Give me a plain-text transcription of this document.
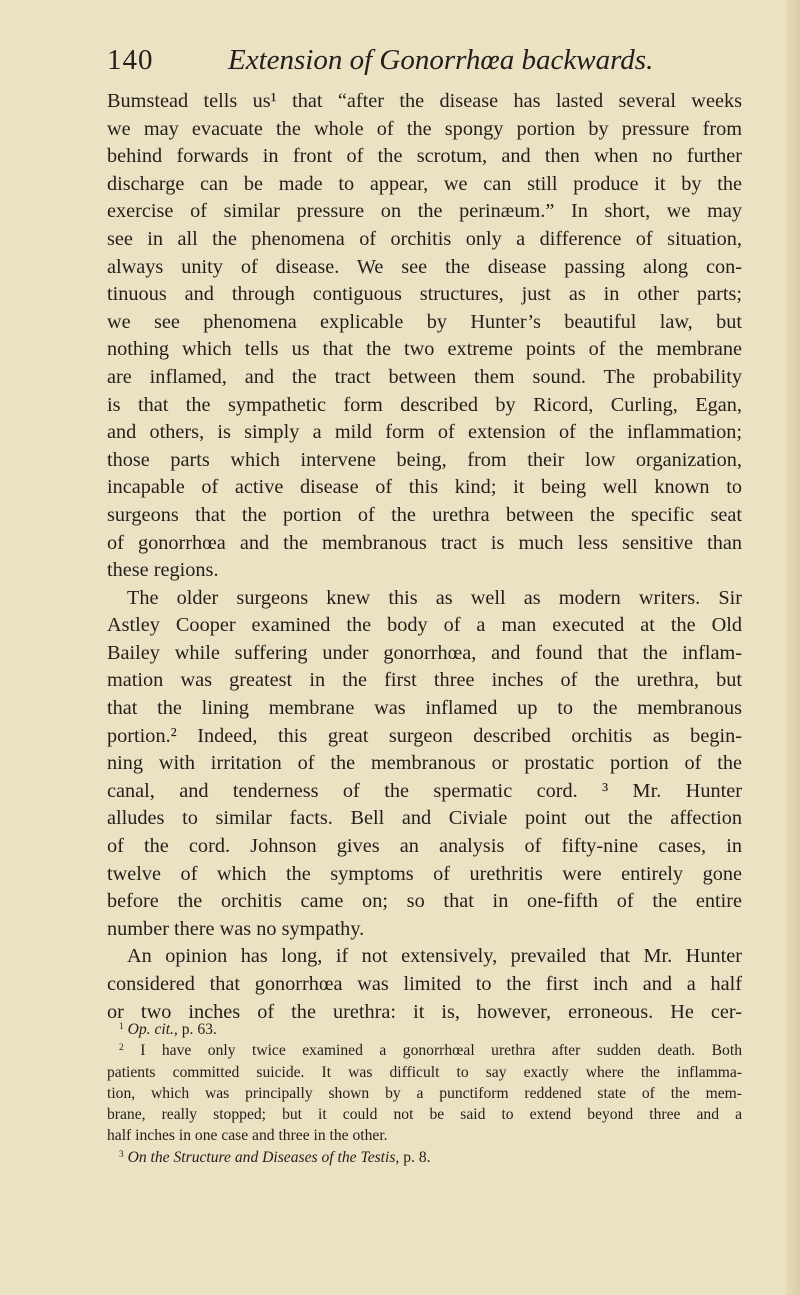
140	Extension of Gonorrhœa backwards.
Bumstead tells us¹ that “after the disease has lasted several weeks
we may evacuate the whole of the spongy portion by pressure from
behind forwards in front of the scrotum, and then when no further
discharge can be made to appear, we can still produce it by the
exercise of similar pressure on the perinæum.” In short, we may
see in all the phenomena of orchitis only a difference of situation,
always unity of disease. We see the disease passing along con-
tinuous and through contiguous structures, just as in other parts;
we see phenomena explicable by Hunter’s beautiful law, but
nothing which tells us that the two extreme points of the membrane
are inflamed, and the tract between them sound. The probability
is that the sympathetic form described by Ricord, Curling, Egan,
and others, is simply a mild form of extension of the inflammation;
those parts which intervene being, from their low organization,
incapable of active disease of this kind; it being well known to
surgeons that the portion of the urethra between the specific seat
of gonorrhœa and the membranous tract is much less sensitive than
these regions.
The older surgeons knew this as well as modern writers. Sir
Astley Cooper examined the body of a man executed at the Old
Bailey while suffering under gonorrhœa, and found that the inflam-
mation was greatest in the first three inches of the urethra, but
that the lining membrane was inflamed up to the membranous
portion.² Indeed, this great surgeon described orchitis as begin-
ning with irritation of the membranous or prostatic portion of the
canal, and tenderness of the spermatic cord. ³ Mr. Hunter
alludes to similar facts. Bell and Civiale point out the affection
of the cord. Johnson gives an analysis of fifty-nine cases, in
twelve of which the symptoms of urethritis were entirely gone
before the orchitis came on; so that in one-fifth of the entire
number there was no sympathy.
An opinion has long, if not extensively, prevailed that Mr. Hunter
considered that gonorrhœa was limited to the first inch and a half
or two inches of the urethra: it is, however, erroneous. He cer-
$^1$ Op. cit., p. 63.
$^2$ I have only twice examined a gonorrhœal urethra after sudden death. Both
patients committed suicide. It was difficult to say exactly where the inflamma-
tion, which was principally shown by a punctiform reddened state of the mem-
brane, really stopped; but it could not be said to extend beyond three and a
half inches in one case and three in the other.
$^3$ On the Structure and Diseases of the Testis, p. 8.
